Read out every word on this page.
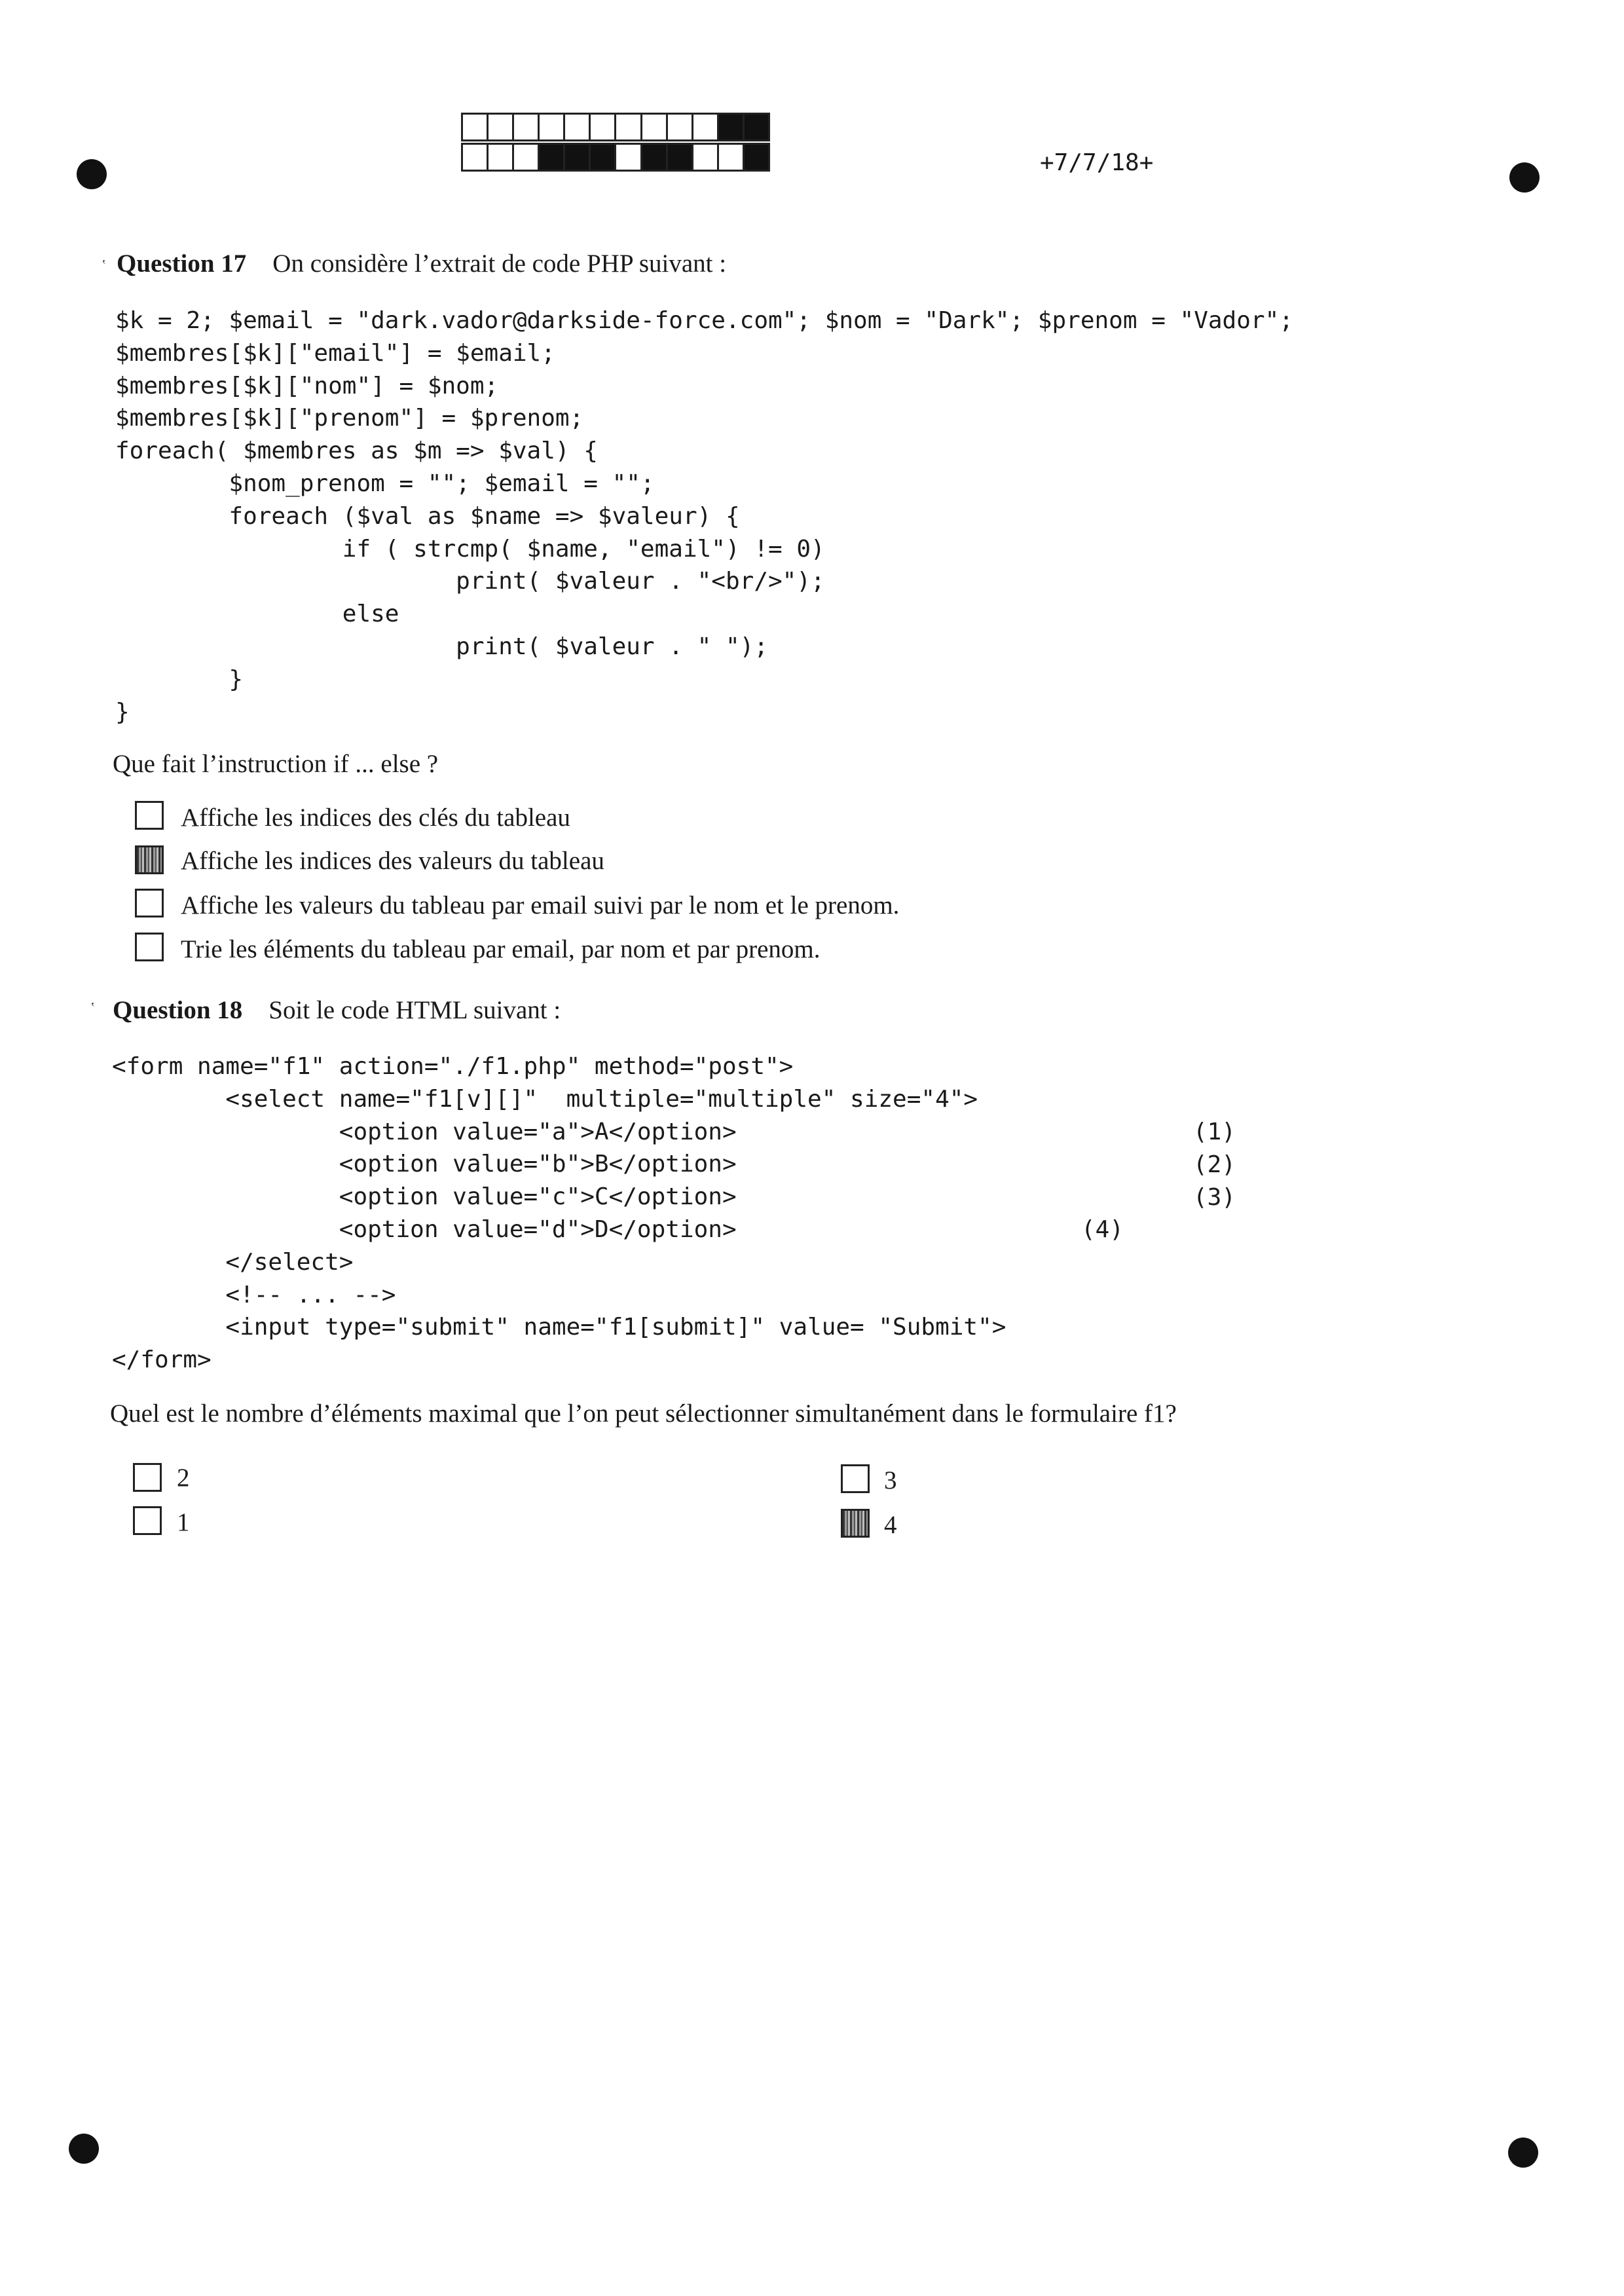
+7/7/18+
ʽ Question 17 On considère l’extrait de code PHP suivant :
$k = 2; $email = "dark.vador@darkside-force.com"; $nom = "Dark"; $prenom = "Vador";
$membres[$k]["email"] = $email;
$membres[$k]["nom"] = $nom;
$membres[$k]["prenom"] = $prenom;
foreach( $membres as $m => $val) {
$nom_prenom = ""; $email = "";
foreach ($val as $name => $valeur) {
if ( strcmp( $name, "email") != 0)
print( $valeur . "<br/>");
else
print( $valeur . " ");
}
}
Que fait l’instruction if ... else ?
Affiche les indices des clés du tableau
Affiche les indices des valeurs du tableau
Affiche les valeurs du tableau par email suivi par le nom et le prenom.
Trie les éléments du tableau par email, par nom et par prenom.
ʽ Question 18 Soit le code HTML suivant :
<form name="f1" action="./f1.php" method="post">
<select name="f1[v][]"  multiple="multiple" size="4">
<option value="a">A</option>
<option value="b">B</option>
<option value="c">C</option>
<option value="d">D</option>
</select>
<!-- ... -->
<input type="submit" name="f1[submit]" value= "Submit">
</form>
(1)
(2)
(3)
(4)
Quel est le nombre d’éléments maximal que l’on peut sélectionner simultanément dans le formulaire f1?
2	3
1	4
